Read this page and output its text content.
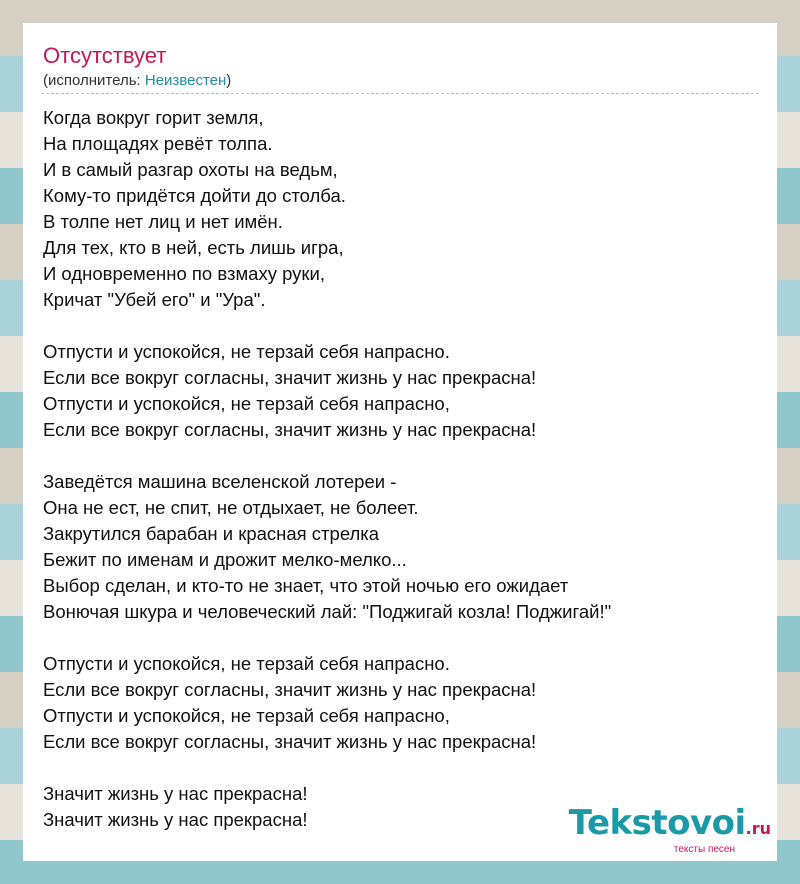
Отсутствует
(исполнитель: Неизвестен)
Когда вокруг горит земля,
На площадях ревёт толпа.
И в самый разгар охоты на ведьм,
Кому-то придётся дойти до столба.
В толпе нет лиц и нет имён.
Для тех, кто в ней, есть лишь игра,
И одновременно по взмаху руки,
Кричат "Убей его" и "Ура".
Отпусти и успокойся, не терзай себя напрасно.
Если все вокруг согласны, значит жизнь у нас прекрасна!
Отпусти и успокойся, не терзай себя напрасно,
Если все вокруг согласны, значит жизнь у нас прекрасна!
Заведётся машина вселенской лотереи -
Она не ест, не спит, не отдыхает, не болеет.
Закрутился барабан и красная стрелка
Бежит по именам и дрожит мелко-мелко...
Выбор сделан, и кто-то не знает, что этой ночью его ожидает
Вонючая шкура и человеческий лай: "Поджигай козла! Поджигай!"
Отпусти и успокойся, не терзай себя напрасно.
Если все вокруг согласны, значит жизнь у нас прекрасна!
Отпусти и успокойся, не терзай себя напрасно,
Если все вокруг согласны, значит жизнь у нас прекрасна!
Значит жизнь у нас прекрасна!
Значит жизнь у нас прекрасна!	Tekstovoi.ru
тексты песен
